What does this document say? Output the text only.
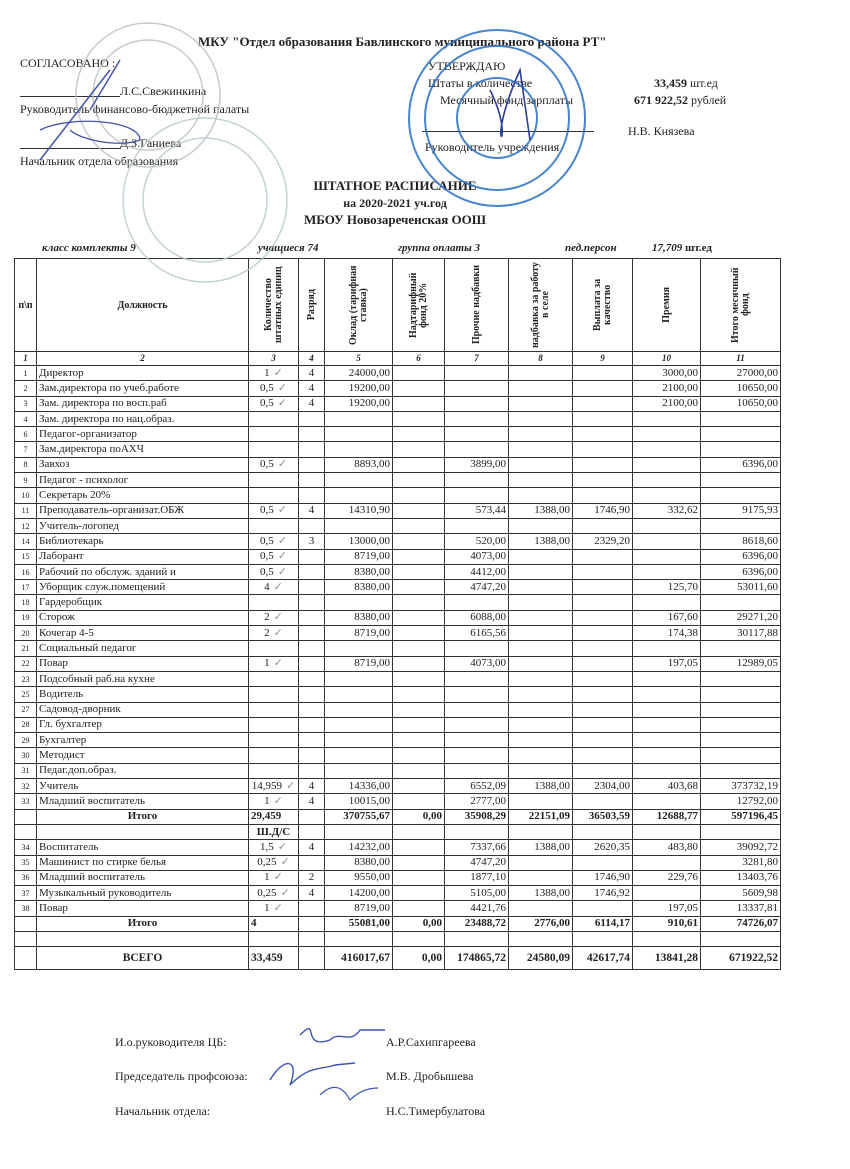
МКУ "Отдел образования Бавлинского муниципального района РТ"
СОГЛАСОВАНО :
Л.С.Свежинкина
Руководитель финансово-бюджетной палаты
Д.З.Ганиева
Начальник отдела образования
УТВЕРЖДАЮ
Штаты в количестве	33,459 шт.ед
Месячный фонд зарплаты	671 922,52 рублей
Н.В. Князева
Руководитель учреждения
ШТАТНОЕ РАСПИСАНИЕ
на 2020-2021 уч.год
МБОУ Новозареченская ООШ
класс комплекты 9	учащиеся 74	группа оплаты 3	пед.персон	17,709 шт.ед
п\п	Должность	Количество штатных единиц	Разряд	Оклад (тарифная ставка)	Надтарифный фонд 20%	Прочие надбавки	надбавка за работу в селе	Выплата за качество	Премия	Итого месячный фонд

1	2	3	4	5	6	7	8	9	10	11
1	Директор	1 ✓	4	24000,00					3000,00	27000,00
2	Зам.директора по учеб.работе	0,5 ✓	4	19200,00					2100,00	10650,00
3	Зам. директора по восп.раб	0,5 ✓	4	19200,00					2100,00	10650,00
4	Зам. директора по нац.образ.									
6	Педагог-организатор									
7	Зам.директора поАХЧ									
8	Завхоз	0,5 ✓		8893,00		3899,00				6396,00
9	Педагог - психолог									
10	Секретарь 20%									
11	Преподаватель-организат.ОБЖ	0,5 ✓	4	14310,90		573,44	1388,00	1746,90	332,62	9175,93
12	Учитель-логопед									
14	Библиотекарь	0,5 ✓	3	13000,00		520,00	1388,00	2329,20		8618,60
15	Лаборант	0,5 ✓		8719,00		4073,00				6396,00
16	Рабочий по обслуж. зданий и	0,5 ✓		8380,00		4412,00				6396,00
17	Уборщик служ.помещений	4 ✓		8380,00		4747,20			125,70	53011,60
18	Гардеробщик									
19	Сторож	2 ✓		8380,00		6088,00			167,60	29271,20
20	Кочегар 4-5	2 ✓		8719,00		6165,56			174,38	30117,88
21	Социальный педагог									
22	Повар	1 ✓		8719,00		4073,00			197,05	12989,05
23	Подсобный раб.на кухне									
25	Водитель									
27	Садовод-дворник									
28	Гл. бухгалтер									
29	Бухгалтер									
30	Методист									
31	Педаг.доп.образ.									
32	Учитель	14,959 ✓	4	14336,00		6552,09	1388,00	2304,00	403,68	373732,19
33	Младший воспитатель	1 ✓	4	10015,00		2777,00				12792,00
	Итого	29,459		370755,67	0,00	35908,29	22151,09	36503,59	12688,77	597196,45
		Ш.Д/С								
34	Воспитатель	1,5 ✓	4	14232,00		7337,66	1388,00	2620,35	483,80	39092,72
35	Машинист по стирке белья	0,25 ✓		8380,00		4747,20				3281,80
36	Младший воспитатель	1 ✓	2	9550,00		1877,10		1746,90	229,76	13403,76
37	Музыкальный руководитель	0,25 ✓	4	14200,00		5105,00	1388,00	1746,92		5609,98
38	Повар	1 ✓		8719,00		4421,76			197,05	13337,81
	Итого	4		55081,00	0,00	23488,72	2776,00	6114,17	910,61	74726,07

	ВСЕГО	33,459		416017,67	0,00	174865,72	24580,09	42617,74	13841,28	671922,52
И.о.руководителя ЦБ:	А.Р.Сахипгареева
Председатель профсоюза:	М.В. Дробышева
Начальник отдела:	Н.С.Тимербулатова
